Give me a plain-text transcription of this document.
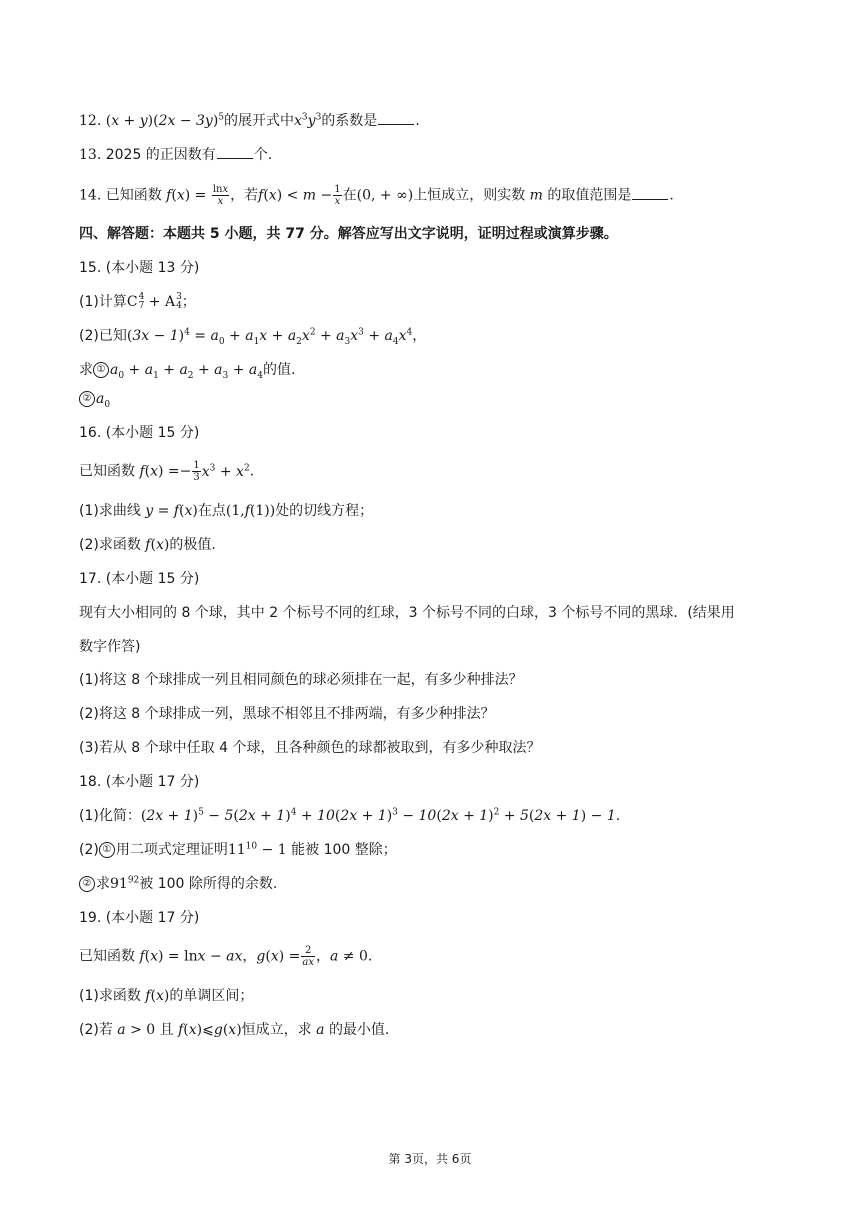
12. $(x + y)(2x - 3y)^5$的展开式中$x^3y^3$的系数是	.
13. 2025 的正因数有	个.
14. 已知函数 $f(x) = \frac{\ln x}{x}$ ，若$f(x) < m - \frac{1}{x}$ 在(0, + ∞)上恒成立，则实数 m 的取值范围是	.
四、解答题：本题共 5 小题，共 77 分。解答应写出文字说明，证明过程或演算步骤。
15. (本小题 13 分)
(1)计算C 4
7 + A 3
4 ；
(2)已知$(3x - 1)^4 = a_0 + a_1x + a_2x^2 + a_3x^3 + a_4x^4$，
求 ① $a_0 + a_1 + a_2 + a_3 + a_4$的值.
② $a_0$
16. (本小题 15 分)
已知函数 $f(x) =- \frac{1}{3} x^3 + x^2$.
(1)求曲线 y = f(x)在点(1,f(1))处的切线方程；
(2)求函数 f(x)的极值.
17. (本小题 15 分)
现有大小相同的 8 个球，其中 2 个标号不同的红球，3 个标号不同的白球，3 个标号不同的黑球．(结果用
数字作答)
(1)将这 8 个球排成一列且相同颜色的球必须排在一起，有多少种排法？
(2)将这 8 个球排成一列，黑球不相邻且不排两端，有多少种排法？
(3)若从 8 个球中任取 4 个球，且各种颜色的球都被取到，有多少种取法？
18. (本小题 17 分)
(1)化简：$(2x + 1)^5 - 5(2x + 1)^4 + 10(2x + 1)^3 - 10(2x + 1)^2 + 5(2x + 1) - 1$.
(2) ① 用二项式定理证明$11^{10} - 1$ 能被 100 整除；
② 求$91^{92}$被 100 除所得的余数.
19. (本小题 17 分)
已知函数 f(x) = lnx − ax，$g(x) = \frac{2}{ax}$ ，a ≠ 0.
(1)求函数 f(x)的单调区间；
(2)若 a > 0 且 f(x)⩽g(x)恒成立，求 a 的最小值.
第 3页，共 6页
